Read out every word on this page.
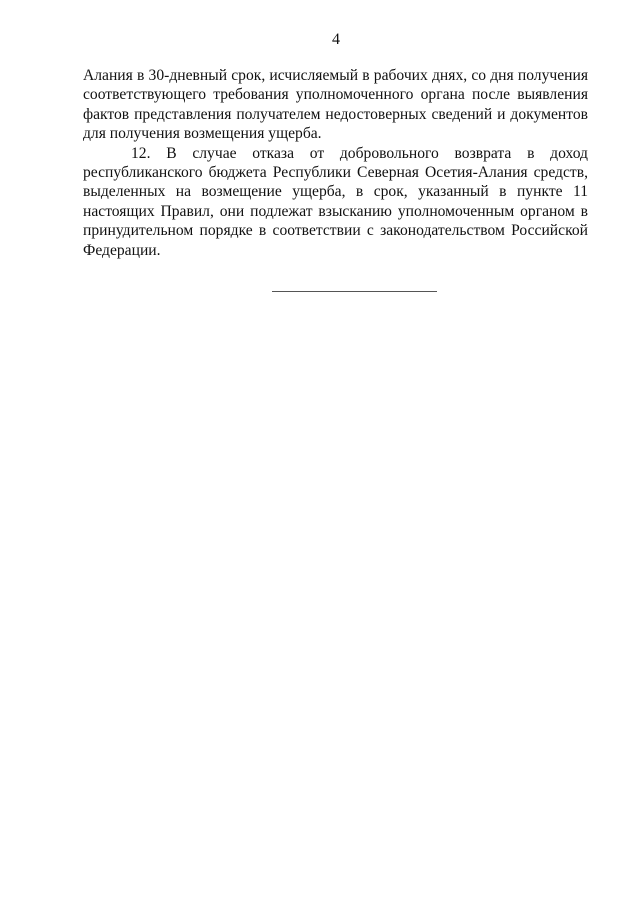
4
Алания в 30-дневный срок, исчисляемый в рабочих днях, со дня получения
соответствующего требования уполномоченного органа после выявления
фактов представления получателем недостоверных сведений и документов
для получения возмещения ущерба.
12. В случае отказа от добровольного возврата в доход
республиканского бюджета Республики Северная Осетия-Алания средств,
выделенных на возмещение ущерба, в срок, указанный в пункте 11
настоящих Правил, они подлежат взысканию уполномоченным органом в
принудительном порядке в соответствии с законодательством Российской
Федерации.
